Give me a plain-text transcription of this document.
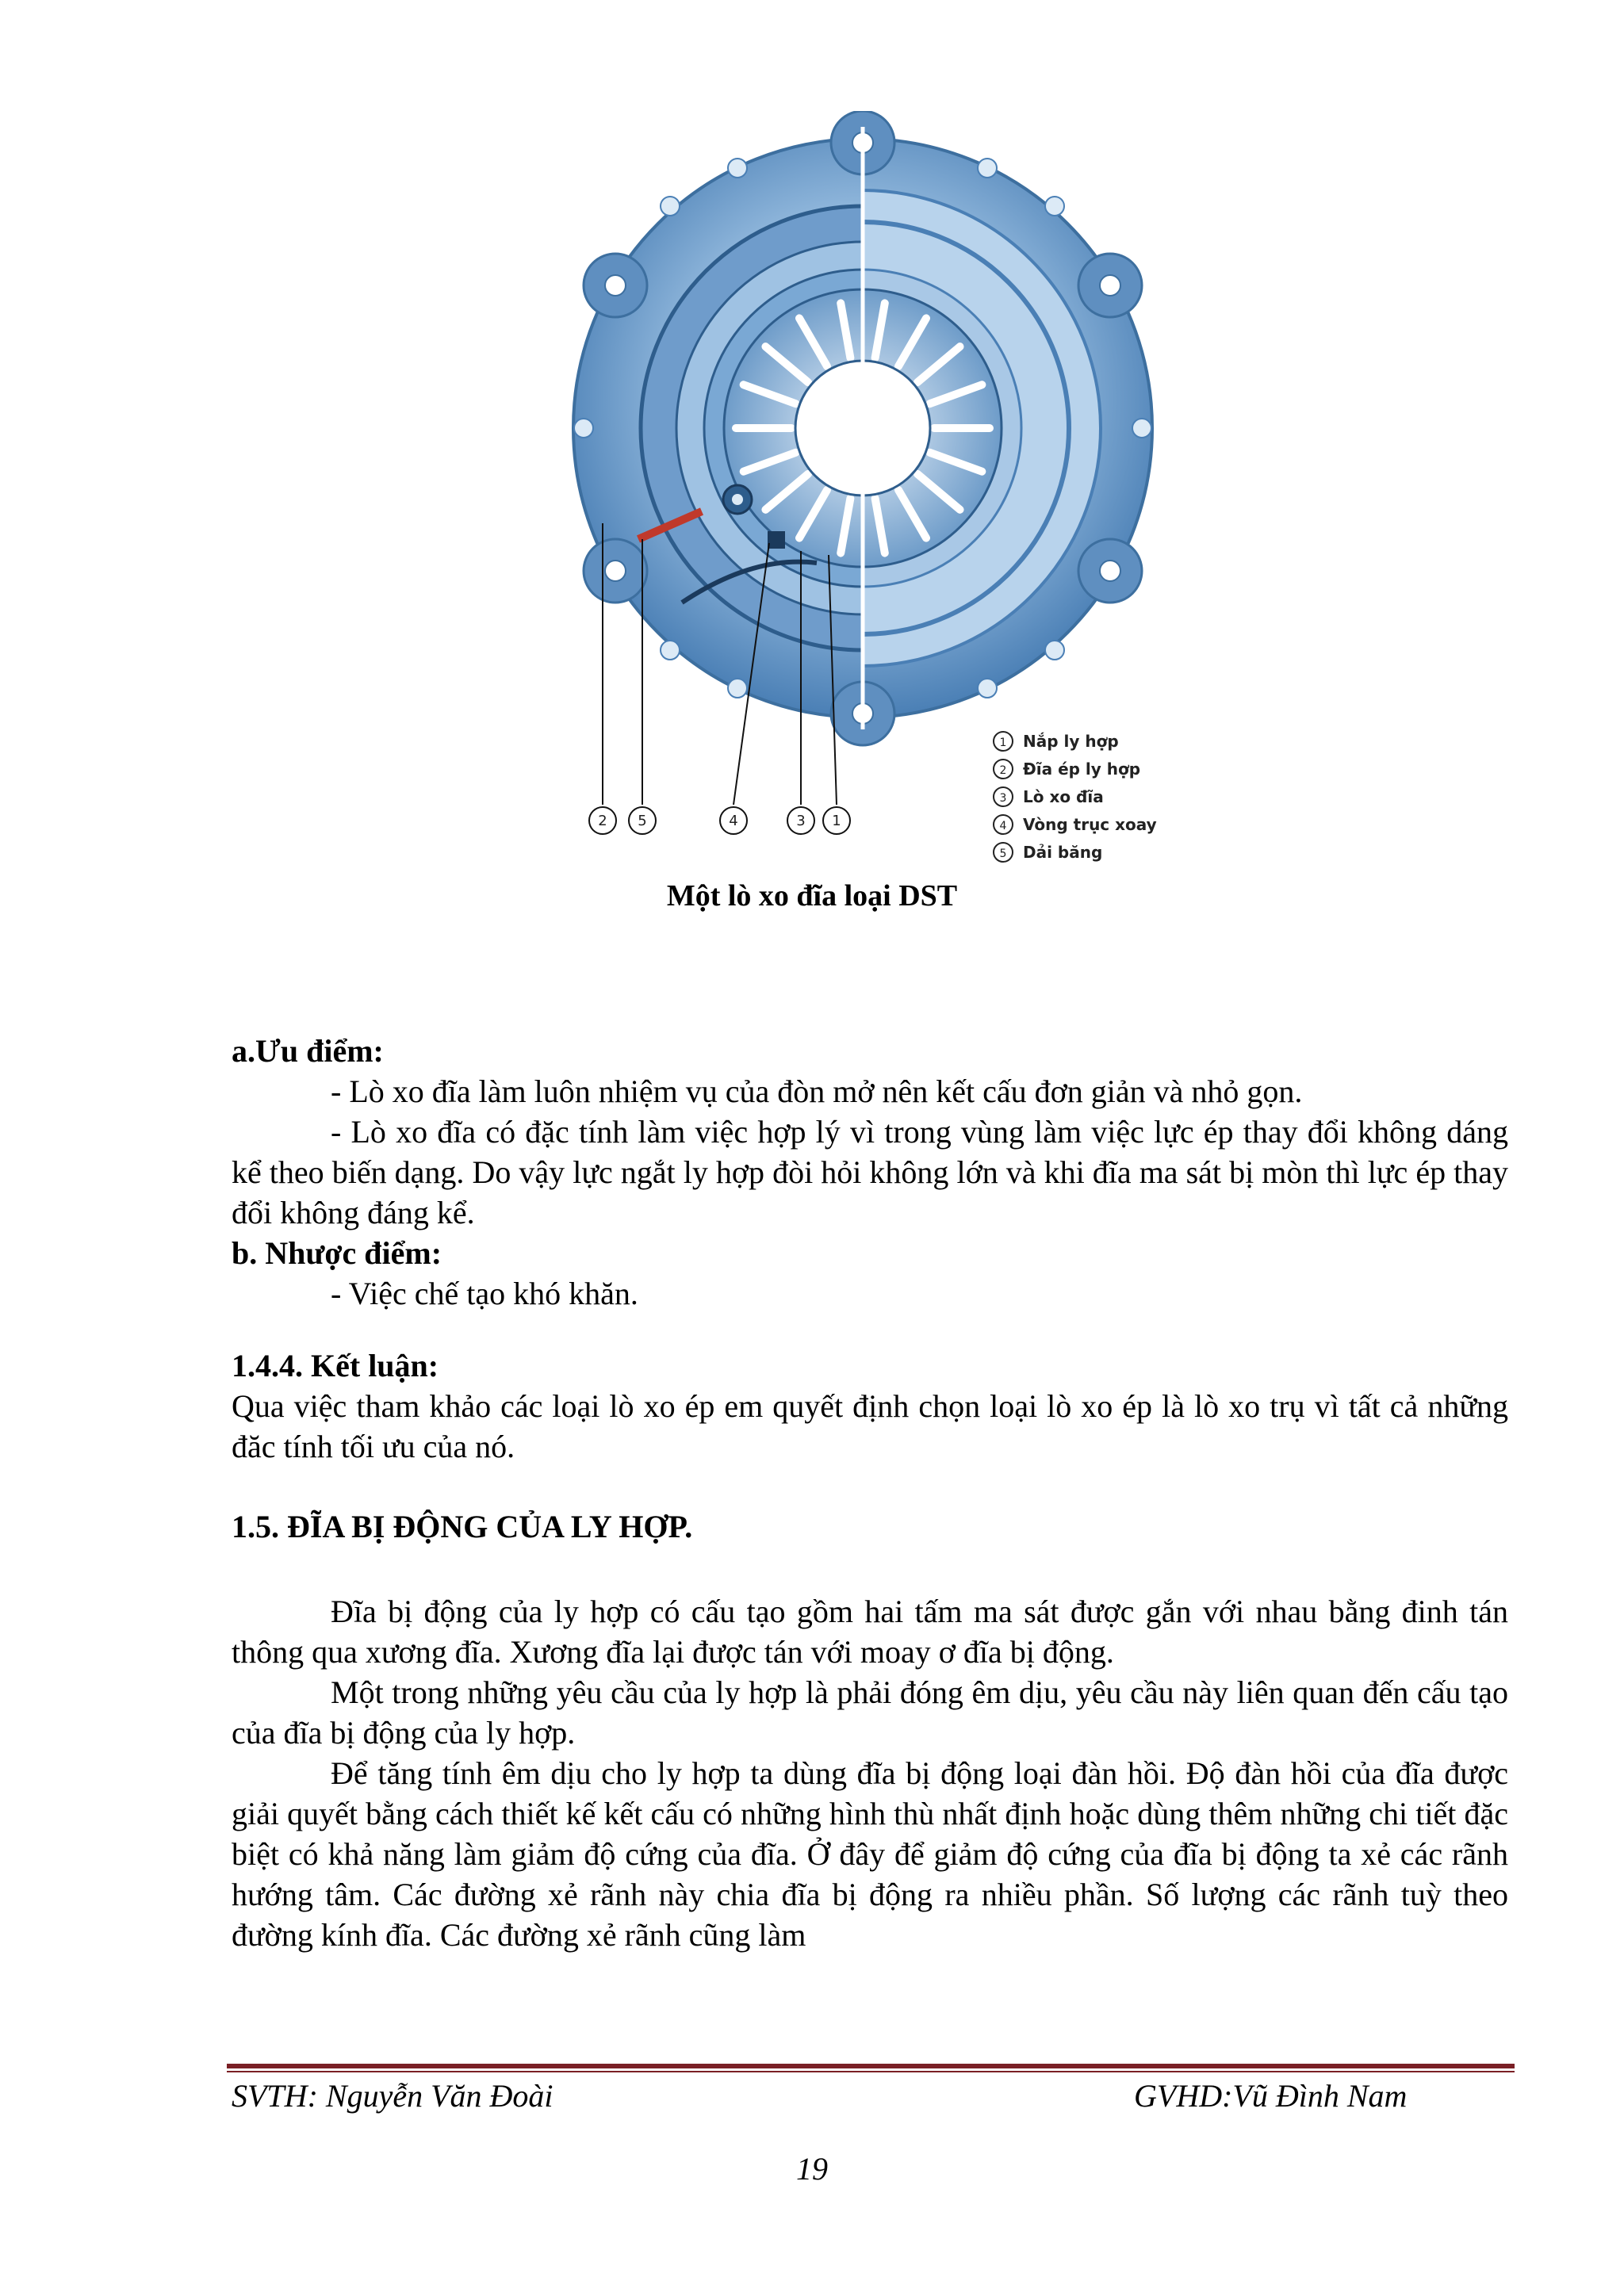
2 5	4	3 1
1 Nắp ly hợp
2 Đĩa ép ly hợp
3 Lò xo đĩa
4 Vòng trục xoay
5 Dải băng
Một lò xo đĩa loại DST
a.Ưu điểm:

- Lò xo đĩa làm luôn nhiệm vụ của đòn mở nên kết cấu đơn giản và nhỏ gọn.

- Lò xo đĩa có đặc tính làm việc hợp lý vì trong vùng làm việc lực ép thay đổi không dáng kể theo biến dạng. Do vậy lực ngắt ly hợp đòi hỏi không lớn và khi đĩa ma sát bị mòn thì lực ép thay đổi không đáng kể.

b. Nhược điểm:

- Việc chế tạo khó khăn.

1.4.4. Kết luận:

Qua việc tham khảo các loại lò xo ép em quyết định chọn loại lò xo ép là lò xo trụ vì tất cả những đăc tính tối ưu của nó.

1.5. ĐĨA BỊ ĐỘNG CỦA LY HỢP.

Đĩa bị động của ly hợp có cấu tạo gồm hai tấm ma sát được gắn với nhau bằng đinh tán thông qua xương đĩa. Xương đĩa lại được tán với moay ơ đĩa bị động.

Một trong những yêu cầu của ly hợp là phải đóng êm dịu, yêu cầu này liên quan đến cấu tạo của đĩa bị động của ly hợp.

Để tăng tính êm dịu cho ly hợp ta dùng đĩa bị động loại đàn hồi. Độ đàn hồi của đĩa được giải quyết bằng cách thiết kế kết cấu có những hình thù nhất định hoặc dùng thêm những chi tiết đặc biệt có khả năng làm giảm độ cứng của đĩa. Ở đây để giảm độ cứng của đĩa bị động ta xẻ các rãnh hướng tâm. Các đường xẻ rãnh này chia đĩa bị động ra nhiều phần. Số lượng các rãnh tuỳ theo đường kính đĩa. Các đường xẻ rãnh cũng làm

SVTH: Nguyễn Văn Đoài	GVHD:Vũ Đình Nam
19
